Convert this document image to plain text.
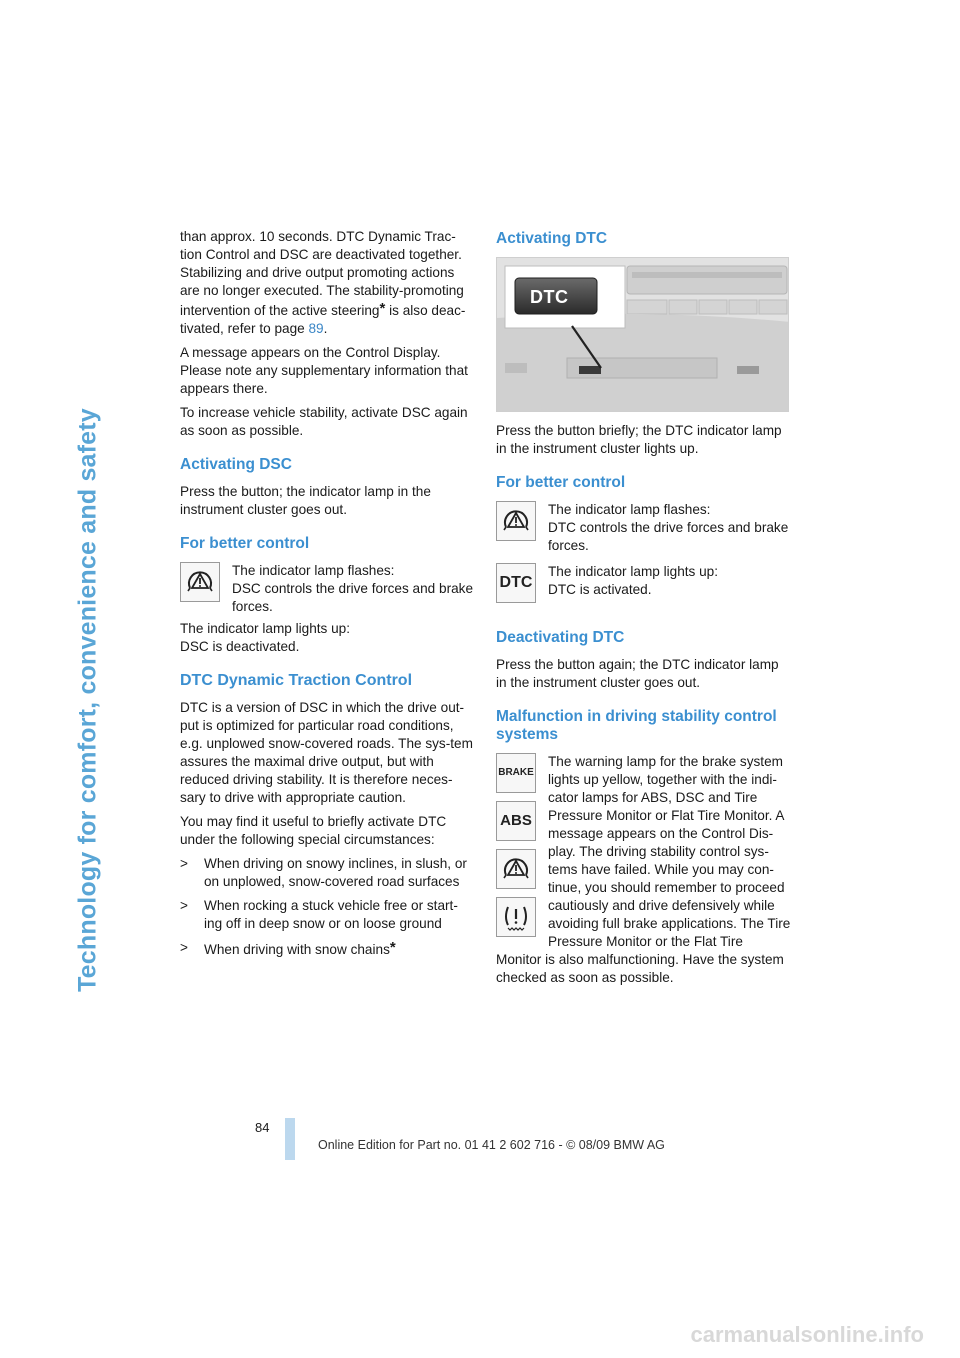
Technology for comfort, convenience and safety

than approx. 10 seconds. DTC Dynamic Trac-tion Control and DSC are deactivated together. Stabilizing and drive output promoting actions are no longer executed. The stability-promoting intervention of the active steering* is also deac-tivated, refer to page 89.

A message appears on the Control Display. Please note any supplementary information that appears there.

To increase vehicle stability, activate DSC again as soon as possible.

Activating DSC

Press the button; the indicator lamp in the instrument cluster goes out.

For better control
The indicator lamp flashes:
DSC controls the drive forces and brake forces.
The indicator lamp lights up:

DSC is deactivated.

DTC Dynamic Traction Control

DTC is a version of DSC in which the drive out-put is optimized for particular road conditions, e.g. unplowed snow-covered roads. The sys-tem assures the maximal drive output, but with reduced driving stability. It is therefore neces-sary to drive with appropriate caution.

You may find it useful to briefly activate DTC under the following special circumstances:

>	When driving on snowy inclines, in slush, or on unplowed, snow-covered road surfaces
>	When rocking a stuck vehicle free or start-ing off in deep snow or on loose ground
>	When driving with snow chains*
Activating DTC
DTC

Press the button briefly; the DTC indicator lamp in the instrument cluster lights up.

For better control
The indicator lamp flashes:
DTC controls the drive forces and brake forces.
DTC
The indicator lamp lights up:
DTC is activated.
Deactivating DTC

Press the button again; the DTC indicator lamp in the instrument cluster goes out.

Malfunction in driving stability control systems
BRAKE
ABS

The warning lamp for the brake system lights up yellow, together with the indi-cator lamps for ABS, DSC and Tire Pressure Monitor or Flat Tire Monitor. A message appears on the Control Dis-play. The driving stability control sys-tems have failed. While you may con-tinue, you should remember to proceed cautiously and drive defensively while avoiding full brake applications. The Tire Pressure Monitor or the Flat Tire Monitor is also malfunctioning. Have the system checked as soon as possible.

84
Online Edition for Part no. 01 41 2 602 716 - © 08/09 BMW AG
carmanualsonline.info
